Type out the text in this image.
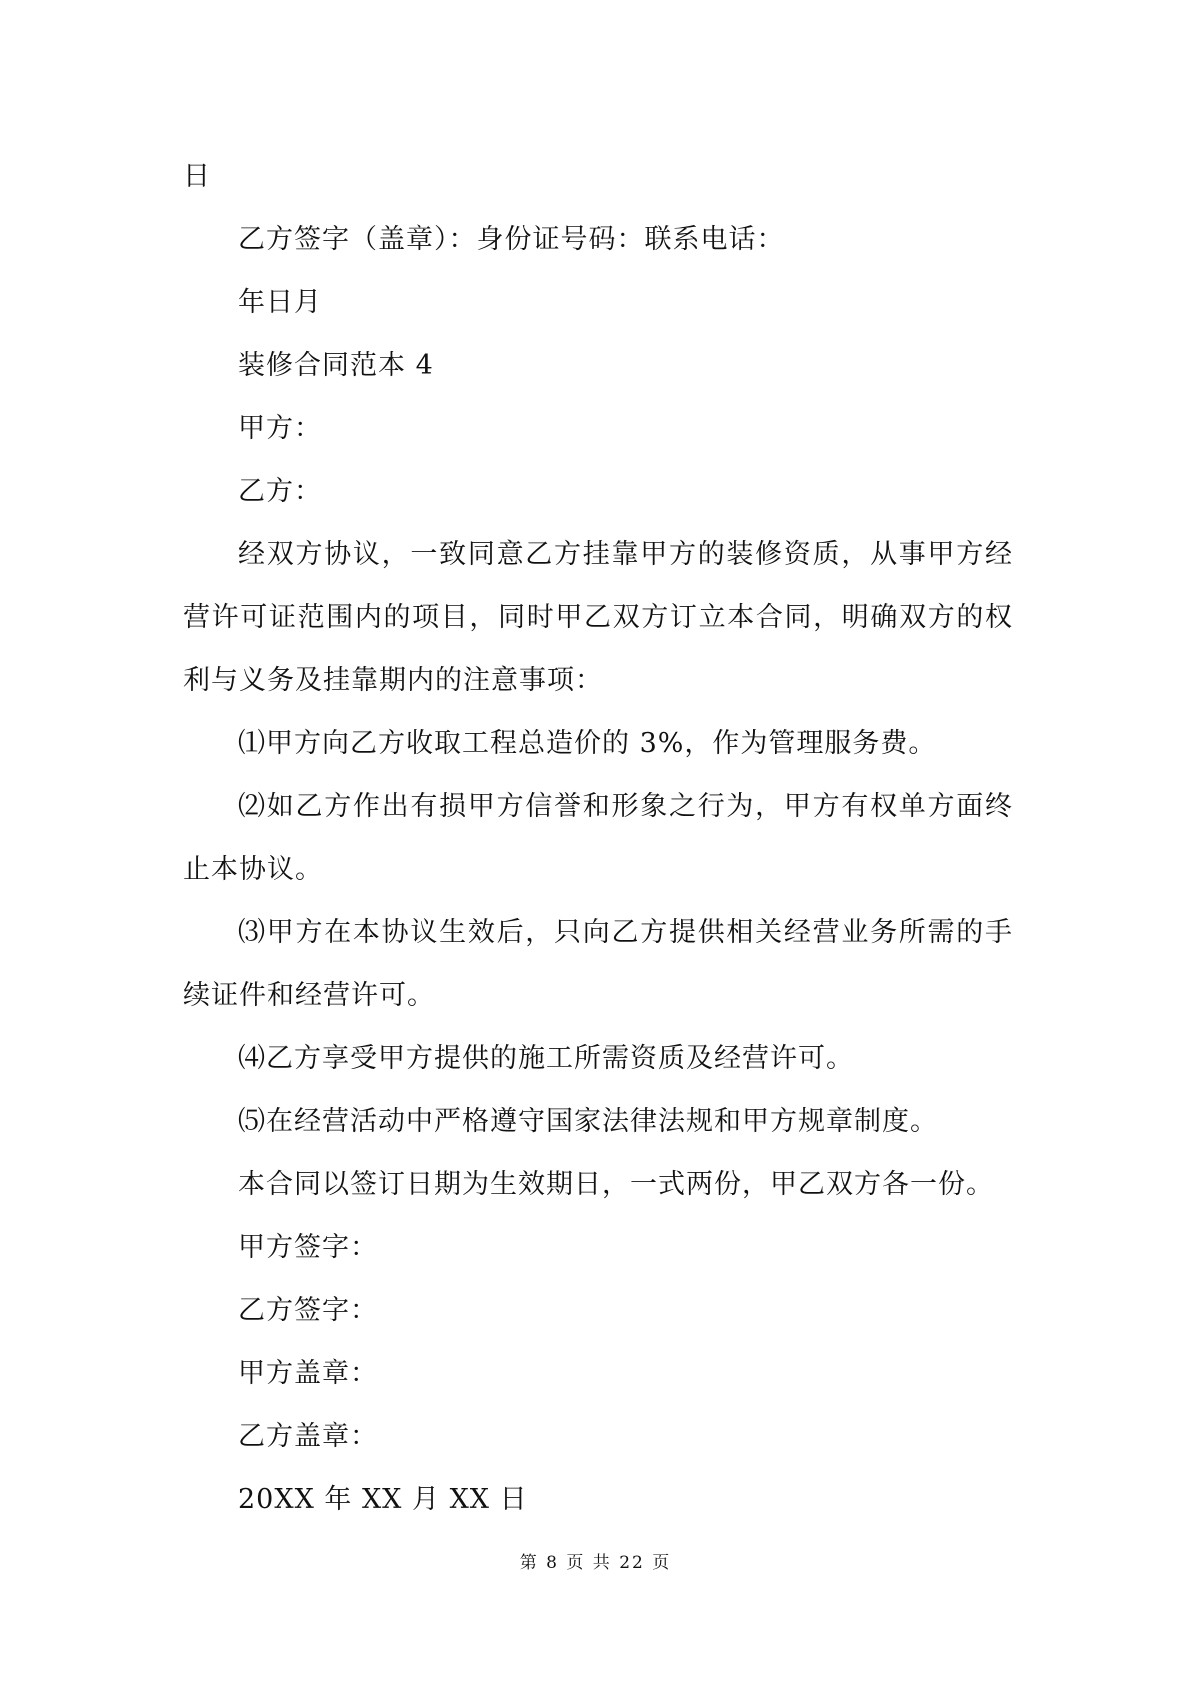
日
乙方签字（盖章）：身份证号码：联系电话：
年日月
装修合同范本 4
甲方：
乙方：
经双方协议，一致同意乙方挂靠甲方的装修资质，从事甲方经营许可证范围内的项目，同时甲乙双方订立本合同，明确双方的权利与义务及挂靠期内的注意事项：
⑴甲方向乙方收取工程总造价的 3%，作为管理服务费。
⑵如乙方作出有损甲方信誉和形象之行为，甲方有权单方面终止本协议。
⑶甲方在本协议生效后，只向乙方提供相关经营业务所需的手续证件和经营许可。
⑷乙方享受甲方提供的施工所需资质及经营许可。
⑸在经营活动中严格遵守国家法律法规和甲方规章制度。
本合同以签订日期为生效期日，一式两份，甲乙双方各一份。
甲方签字：
乙方签字：
甲方盖章：
乙方盖章：
20XX 年 XX 月 XX 日
第 8 页 共 22 页
